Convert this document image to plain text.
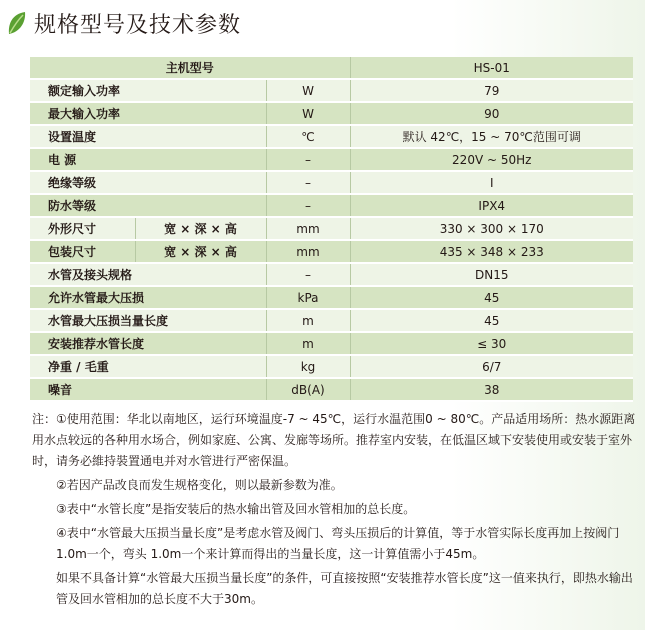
规格型号及技术参数
主机型号			HS-01
额定输入功率		W	79
最大输入功率		W	90
设置温度		℃	默认 42℃，15 ~ 70℃范围可调
电 源		–	220V ~ 50Hz
绝缘等级		–	I
防水等级		–	IPX4
外形尺寸	宽 × 深 × 高	mm	330 × 300 × 170
包装尺寸	宽 × 深 × 高	mm	435 × 348 × 233
水管及接头规格		–	DN15
允许水管最大压损		kPa	45
水管最大压损当量长度		m	45
安装推荐水管长度		m	≤ 30
净重 / 毛重		kg	6/7
噪音		dB(A)	38

注：①使用范围：华北以南地区，运行环境温度-7 ~ 45℃，运行水温范围0 ~ 80℃。产品适用场所：热水源距离用水点较远的各种用水场合，例如家庭、公寓、发廊等场所。推荐室内安装，在低温区域下安装使用或安装于室外时，请务必維持裝置通电并对水管进行严密保温。

②若因产品改良而发生规格变化，则以最新参数为准。

③表中“水管长度”是指安装后的热水输出管及回水管相加的总长度。

④表中“水管最大压损当量长度”是考虑水管及阀门、弯头压损后的计算值，等于水管实际长度再加上按阀门1.0m一个，弯头 1.0m一个来计算而得出的当量长度，这一计算值需小于45m。

如果不具备计算“水管最大压损当量长度”的条件，可直接按照“安装推荐水管长度”这一值来执行，即热水输出管及回水管相加的总长度不大于30m。
